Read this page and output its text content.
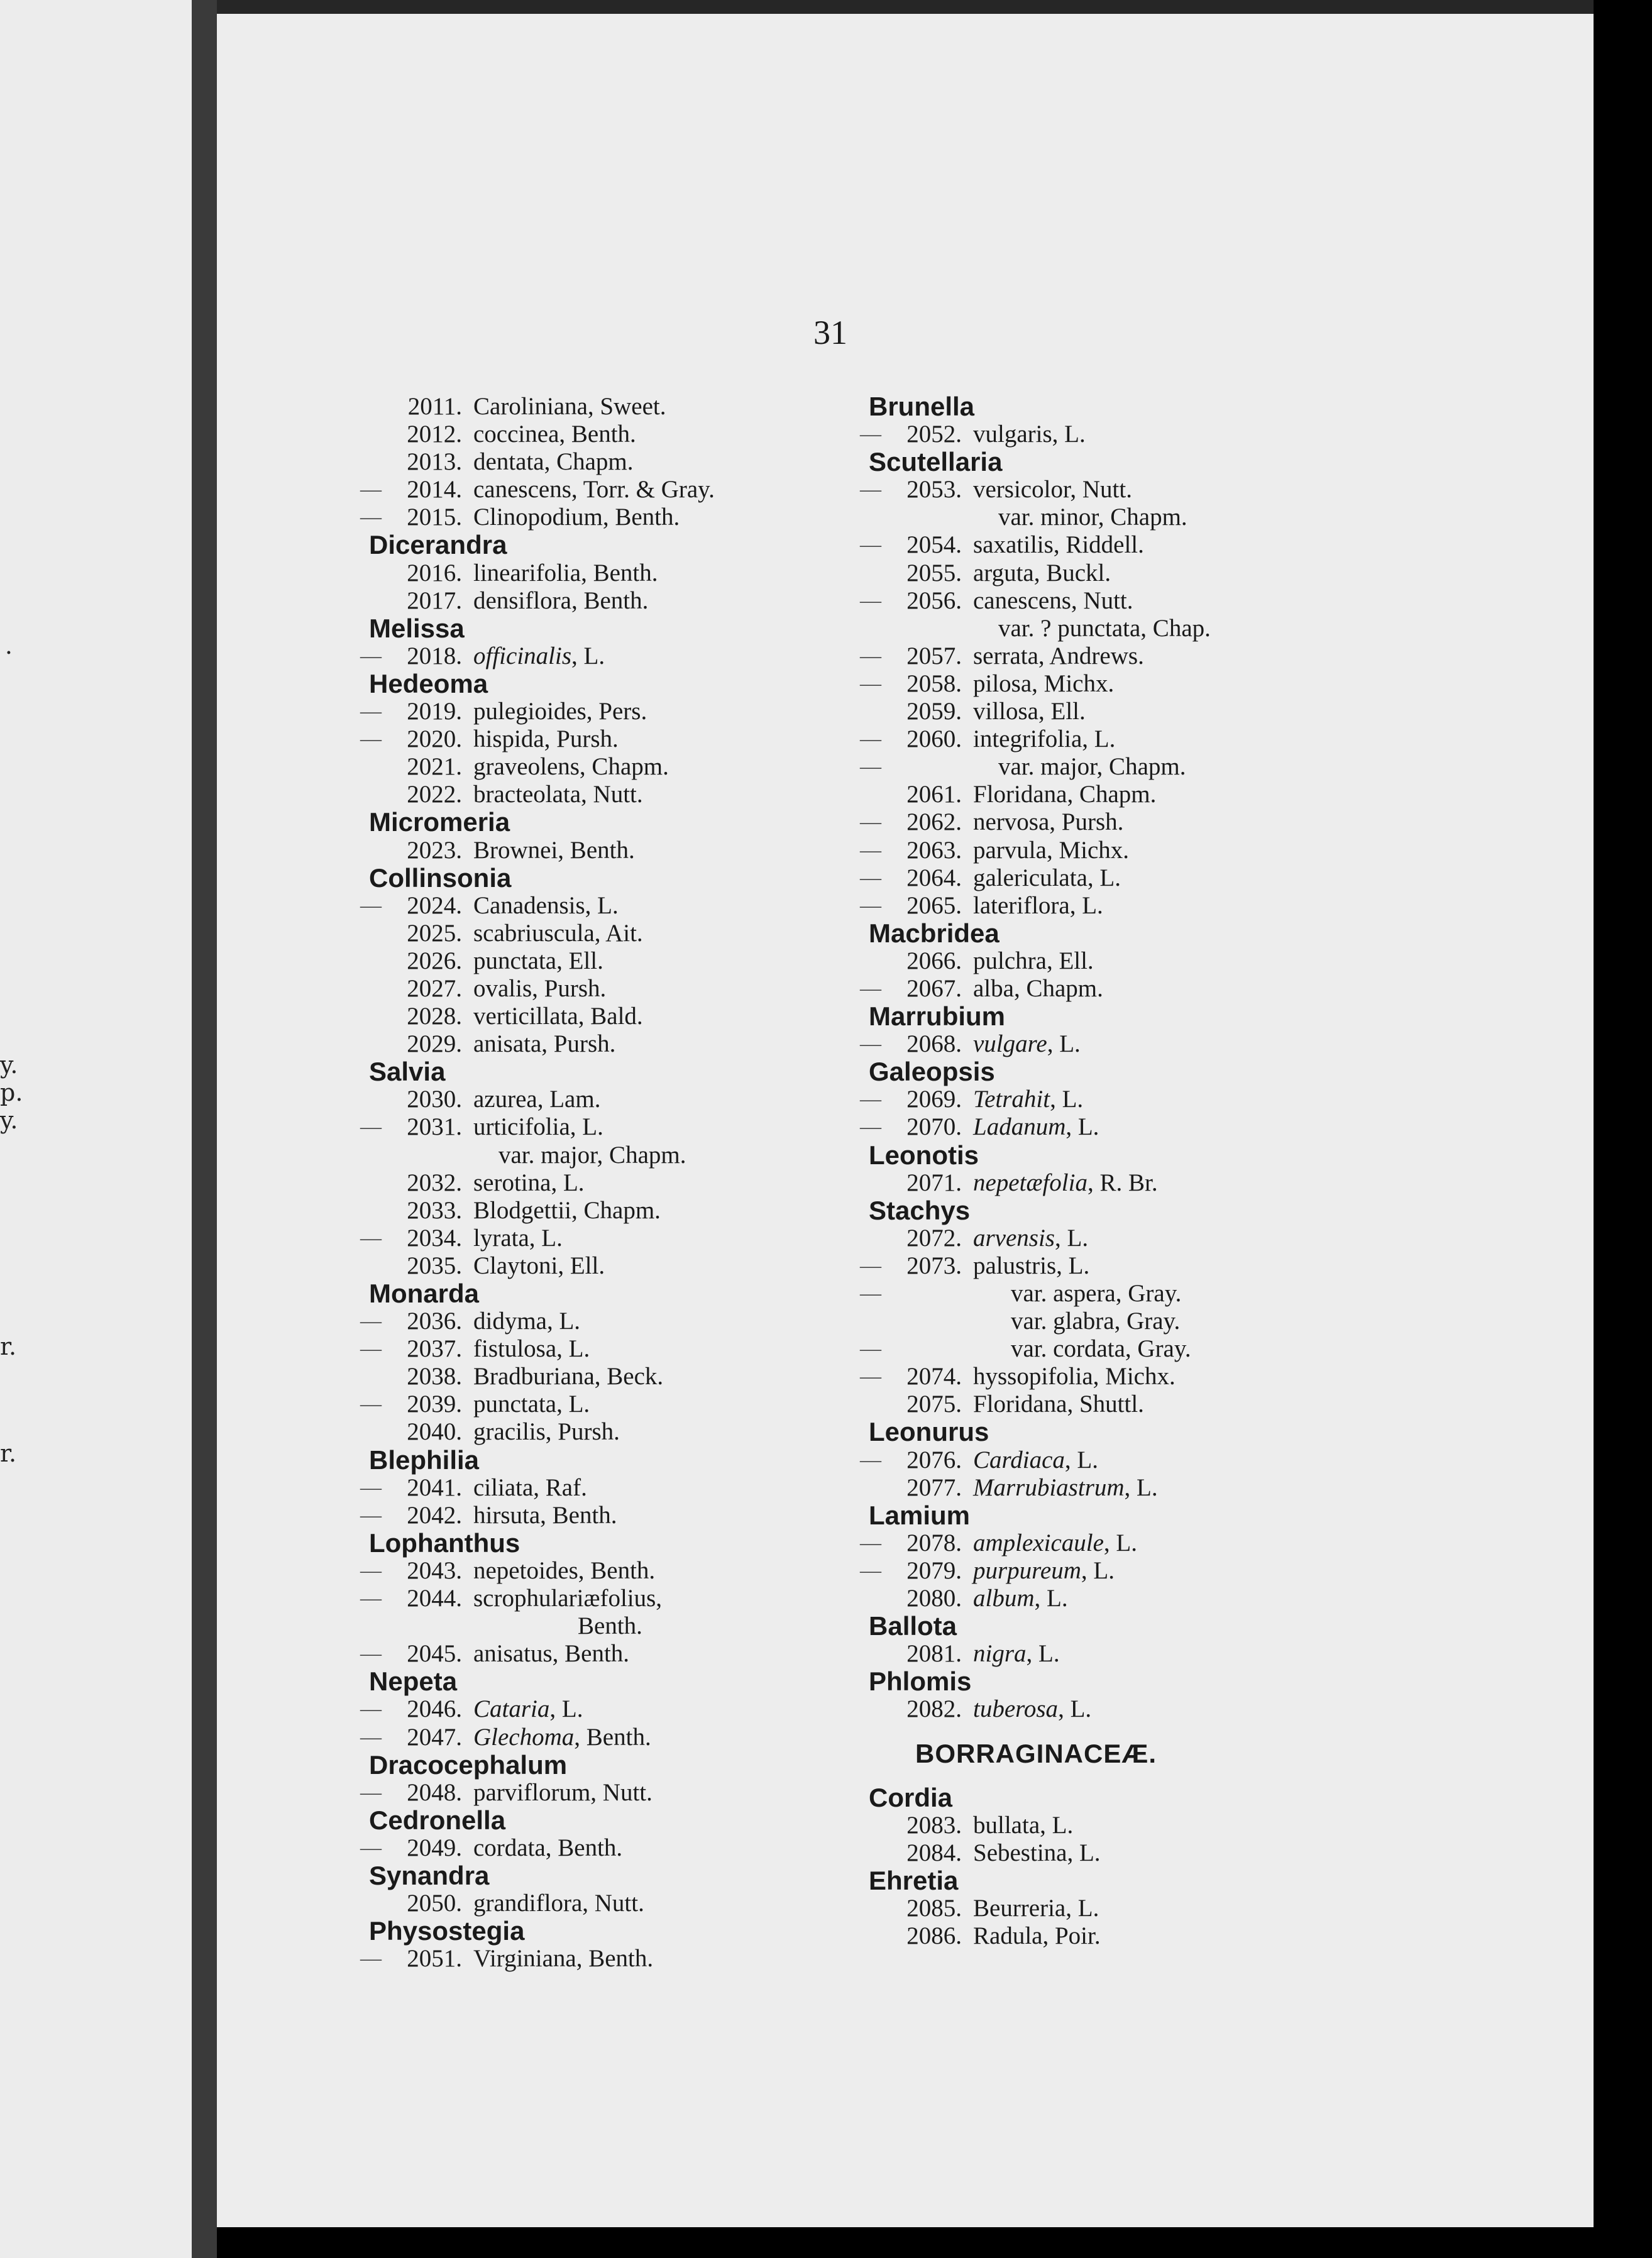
.
y.
p.
y.
r.
r.
31
2011. Caroliniana, Sweet.
2012. coccinea, Benth.
2013. dentata, Chapm.
2014. canescens, Torr. & Gray.
—
2015. Clinopodium, Benth.
—
Dicerandra
2016. linearifolia, Benth.
2017. densiflora, Benth.
Melissa
2018. officinalis, L.
—
Hedeoma
2019. pulegioides, Pers.
—
2020. hispida, Pursh.
—
2021. graveolens, Chapm.
2022. bracteolata, Nutt.
Micromeria
2023. Brownei, Benth.
Collinsonia
2024. Canadensis, L.
—
2025. scabriuscula, Ait.
2026. punctata, Ell.
2027. ovalis, Pursh.
2028. verticillata, Bald.
2029. anisata, Pursh.
Salvia
2030. azurea, Lam.
2031. urticifolia, L.
—
var. major, Chapm.
2032. serotina, L.
2033. Blodgettii, Chapm.
2034. lyrata, L.
—
2035. Claytoni, Ell.
Monarda
2036. didyma, L.
—
2037. fistulosa, L.
—
2038. Bradburiana, Beck.
2039. punctata, L.
—
2040. gracilis, Pursh.
Blephilia
2041. ciliata, Raf.
—
2042. hirsuta, Benth.
—
Lophanthus
2043. nepetoides, Benth.
—
2044. scrophulariæfolius,
—
Benth.
2045. anisatus, Benth.
—
Nepeta
2046. Cataria, L.
—
2047. Glechoma, Benth.
—
Dracocephalum
2048. parviflorum, Nutt.
—
Cedronella
2049. cordata, Benth.
—
Synandra
2050. grandiflora, Nutt.
Physostegia
2051. Virginiana, Benth.
—
Brunella
2052. vulgaris, L.
—
Scutellaria
2053. versicolor, Nutt.
—
var. minor, Chapm.
2054. saxatilis, Riddell.
—
2055. arguta, Buckl.
2056. canescens, Nutt.
—
var. ? punctata, Chap.
2057. serrata, Andrews.
—
2058. pilosa, Michx.
—
2059. villosa, Ell.
2060. integrifolia, L.
—
var. major, Chapm.
—
2061. Floridana, Chapm.
2062. nervosa, Pursh.
—
2063. parvula, Michx.
—
2064. galericulata, L.
—
2065. lateriflora, L.
—
Macbridea
2066. pulchra, Ell.
2067. alba, Chapm.
—
Marrubium
2068. vulgare, L.
—
Galeopsis
2069. Tetrahit, L.
—
2070. Ladanum, L.
—
Leonotis
2071. nepetæfolia, R. Br.
Stachys
2072. arvensis, L.
2073. palustris, L.
—
var. aspera, Gray.
—
var. glabra, Gray.
var. cordata, Gray.
—
2074. hyssopifolia, Michx.
—
2075. Floridana, Shuttl.
Leonurus
2076. Cardiaca, L.
—
2077. Marrubiastrum, L.
Lamium
2078. amplexicaule, L.
—
2079. purpureum, L.
—
2080. album, L.
Ballota
2081. nigra, L.
Phlomis
2082. tuberosa, L.
BORRAGINACEÆ.
Cordia
2083. bullata, L.
2084. Sebestina, L.
Ehretia
2085. Beurreria, L.
2086. Radula, Poir.
